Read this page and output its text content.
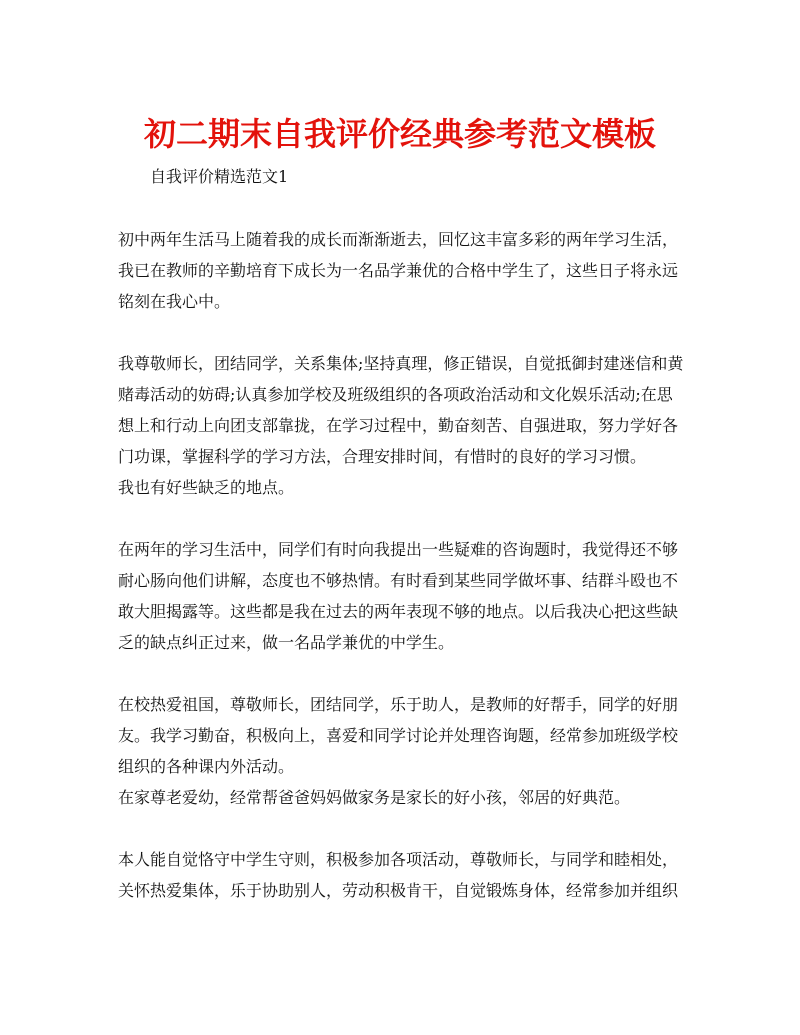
初二期末自我评价经典参考范文模板

自我评价精选范文1

初中两年生活马上随着我的成长而渐渐逝去，回忆这丰富多彩的两年学习生活，
我已在教师的辛勤培育下成长为一名品学兼优的合格中学生了，这些日子将永远
铭刻在我心中。

我尊敬师长，团结同学，关系集体;坚持真理，修正错误，自觉抵御封建迷信和黄
赌毒活动的妨碍;认真参加学校及班级组织的各项政治活动和文化娱乐活动;在思
想上和行动上向团支部靠拢，在学习过程中，勤奋刻苦、自强进取，努力学好各
门功课，掌握科学的学习方法，合理安排时间，有惜时的良好的学习习惯。
我也有好些缺乏的地点。

在两年的学习生活中，同学们有时向我提出一些疑难的咨询题时，我觉得还不够
耐心肠向他们讲解，态度也不够热情。有时看到某些同学做坏事、结群斗殴也不
敢大胆揭露等。这些都是我在过去的两年表现不够的地点。以后我决心把这些缺
乏的缺点纠正过来，做一名品学兼优的中学生。

在校热爱祖国，尊敬师长，团结同学，乐于助人，是教师的好帮手，同学的好朋
友。我学习勤奋，积极向上，喜爱和同学讨论并处理咨询题，经常参加班级学校
组织的各种课内外活动。
在家尊老爱幼，经常帮爸爸妈妈做家务是家长的好小孩，邻居的好典范。

本人能自觉恪守中学生守则，积极参加各项活动，尊敬师长，与同学和睦相处，
关怀热爱集体，乐于协助别人，劳动积极肯干，自觉锻炼身体，经常参加并组织
